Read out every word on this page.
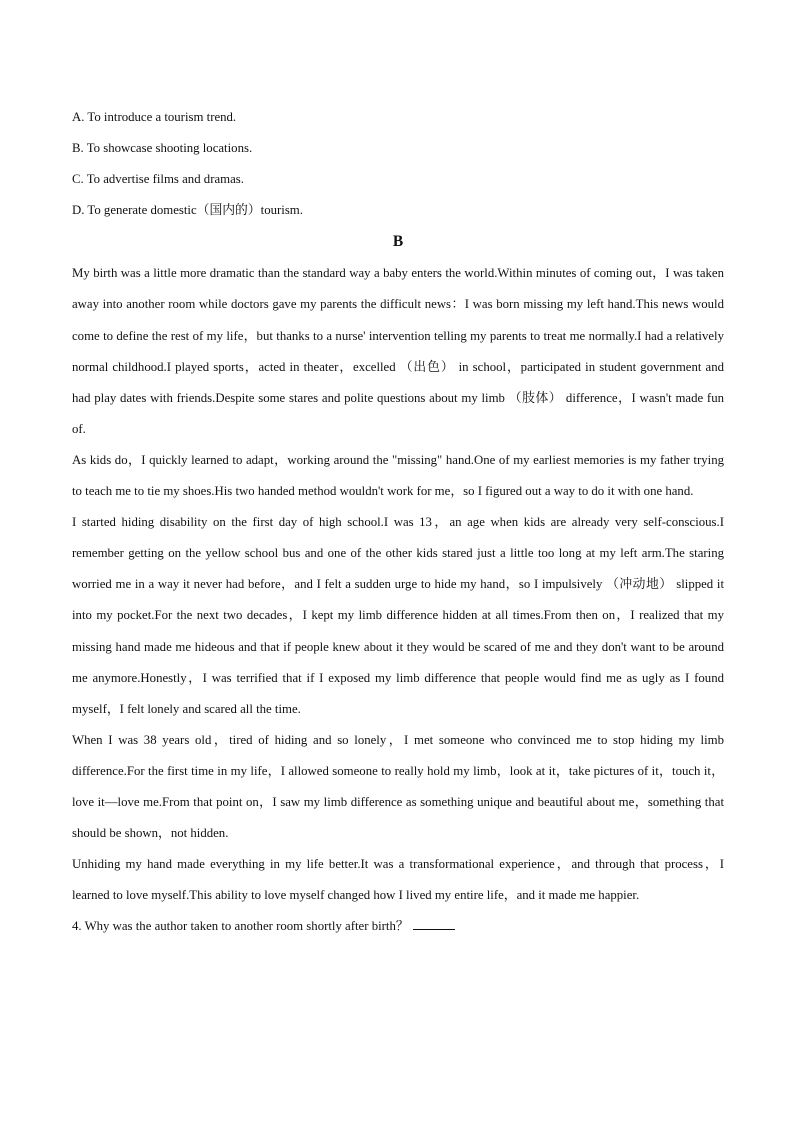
A. To introduce a tourism trend.
B. To showcase shooting locations.
C. To advertise films and dramas.
D. To generate domestic（国内的）tourism.
B

My birth was a little more dramatic than the standard way a baby enters the world.Within minutes of coming out，I was taken away into another room while doctors gave my parents the difficult news：I was born missing my left hand.This news would come to define the rest of my life，but thanks to a nurse' intervention telling my parents to treat me normally.I had a relatively normal childhood.I played sports，acted in theater，excelled （出色） in school，participated in student government and had play dates with friends.Despite some stares and polite questions about my limb （肢体） difference，I wasn't made fun of.

As kids do，I quickly learned to adapt，working around the "missing" hand.One of my earliest memories is my father trying to teach me to tie my shoes.His two handed method wouldn't work for me，so I figured out a way to do it with one hand.

I started hiding disability on the first day of high school.I was 13，an age when kids are already very self-conscious.I remember getting on the yellow school bus and one of the other kids stared just a little too long at my left arm.The staring worried me in a way it never had before，and I felt a sudden urge to hide my hand，so I impulsively （冲动地） slipped it into my pocket.For the next two decades，I kept my limb difference hidden at all times.From then on，I realized that my missing hand made me hideous and that if people knew about it they would be scared of me and they don't want to be around me anymore.Honestly，I was terrified that if I exposed my limb difference that people would find me as ugly as I found myself，I felt lonely and scared all the time.

When I was 38 years old，tired of hiding and so lonely，I met someone who convinced me to stop hiding my limb difference.For the first time in my life，I allowed someone to really hold my limb，look at it，take pictures of it，touch it，love it—love me.From that point on，I saw my limb difference as something unique and beautiful about me，something that should be shown，not hidden.

Unhiding my hand made everything in my life better.It was a transformational experience，and through that process，I learned to love myself.This ability to love myself changed how I lived my entire life，and it made me happier.

4. Why was the author taken to another room shortly after birth？
